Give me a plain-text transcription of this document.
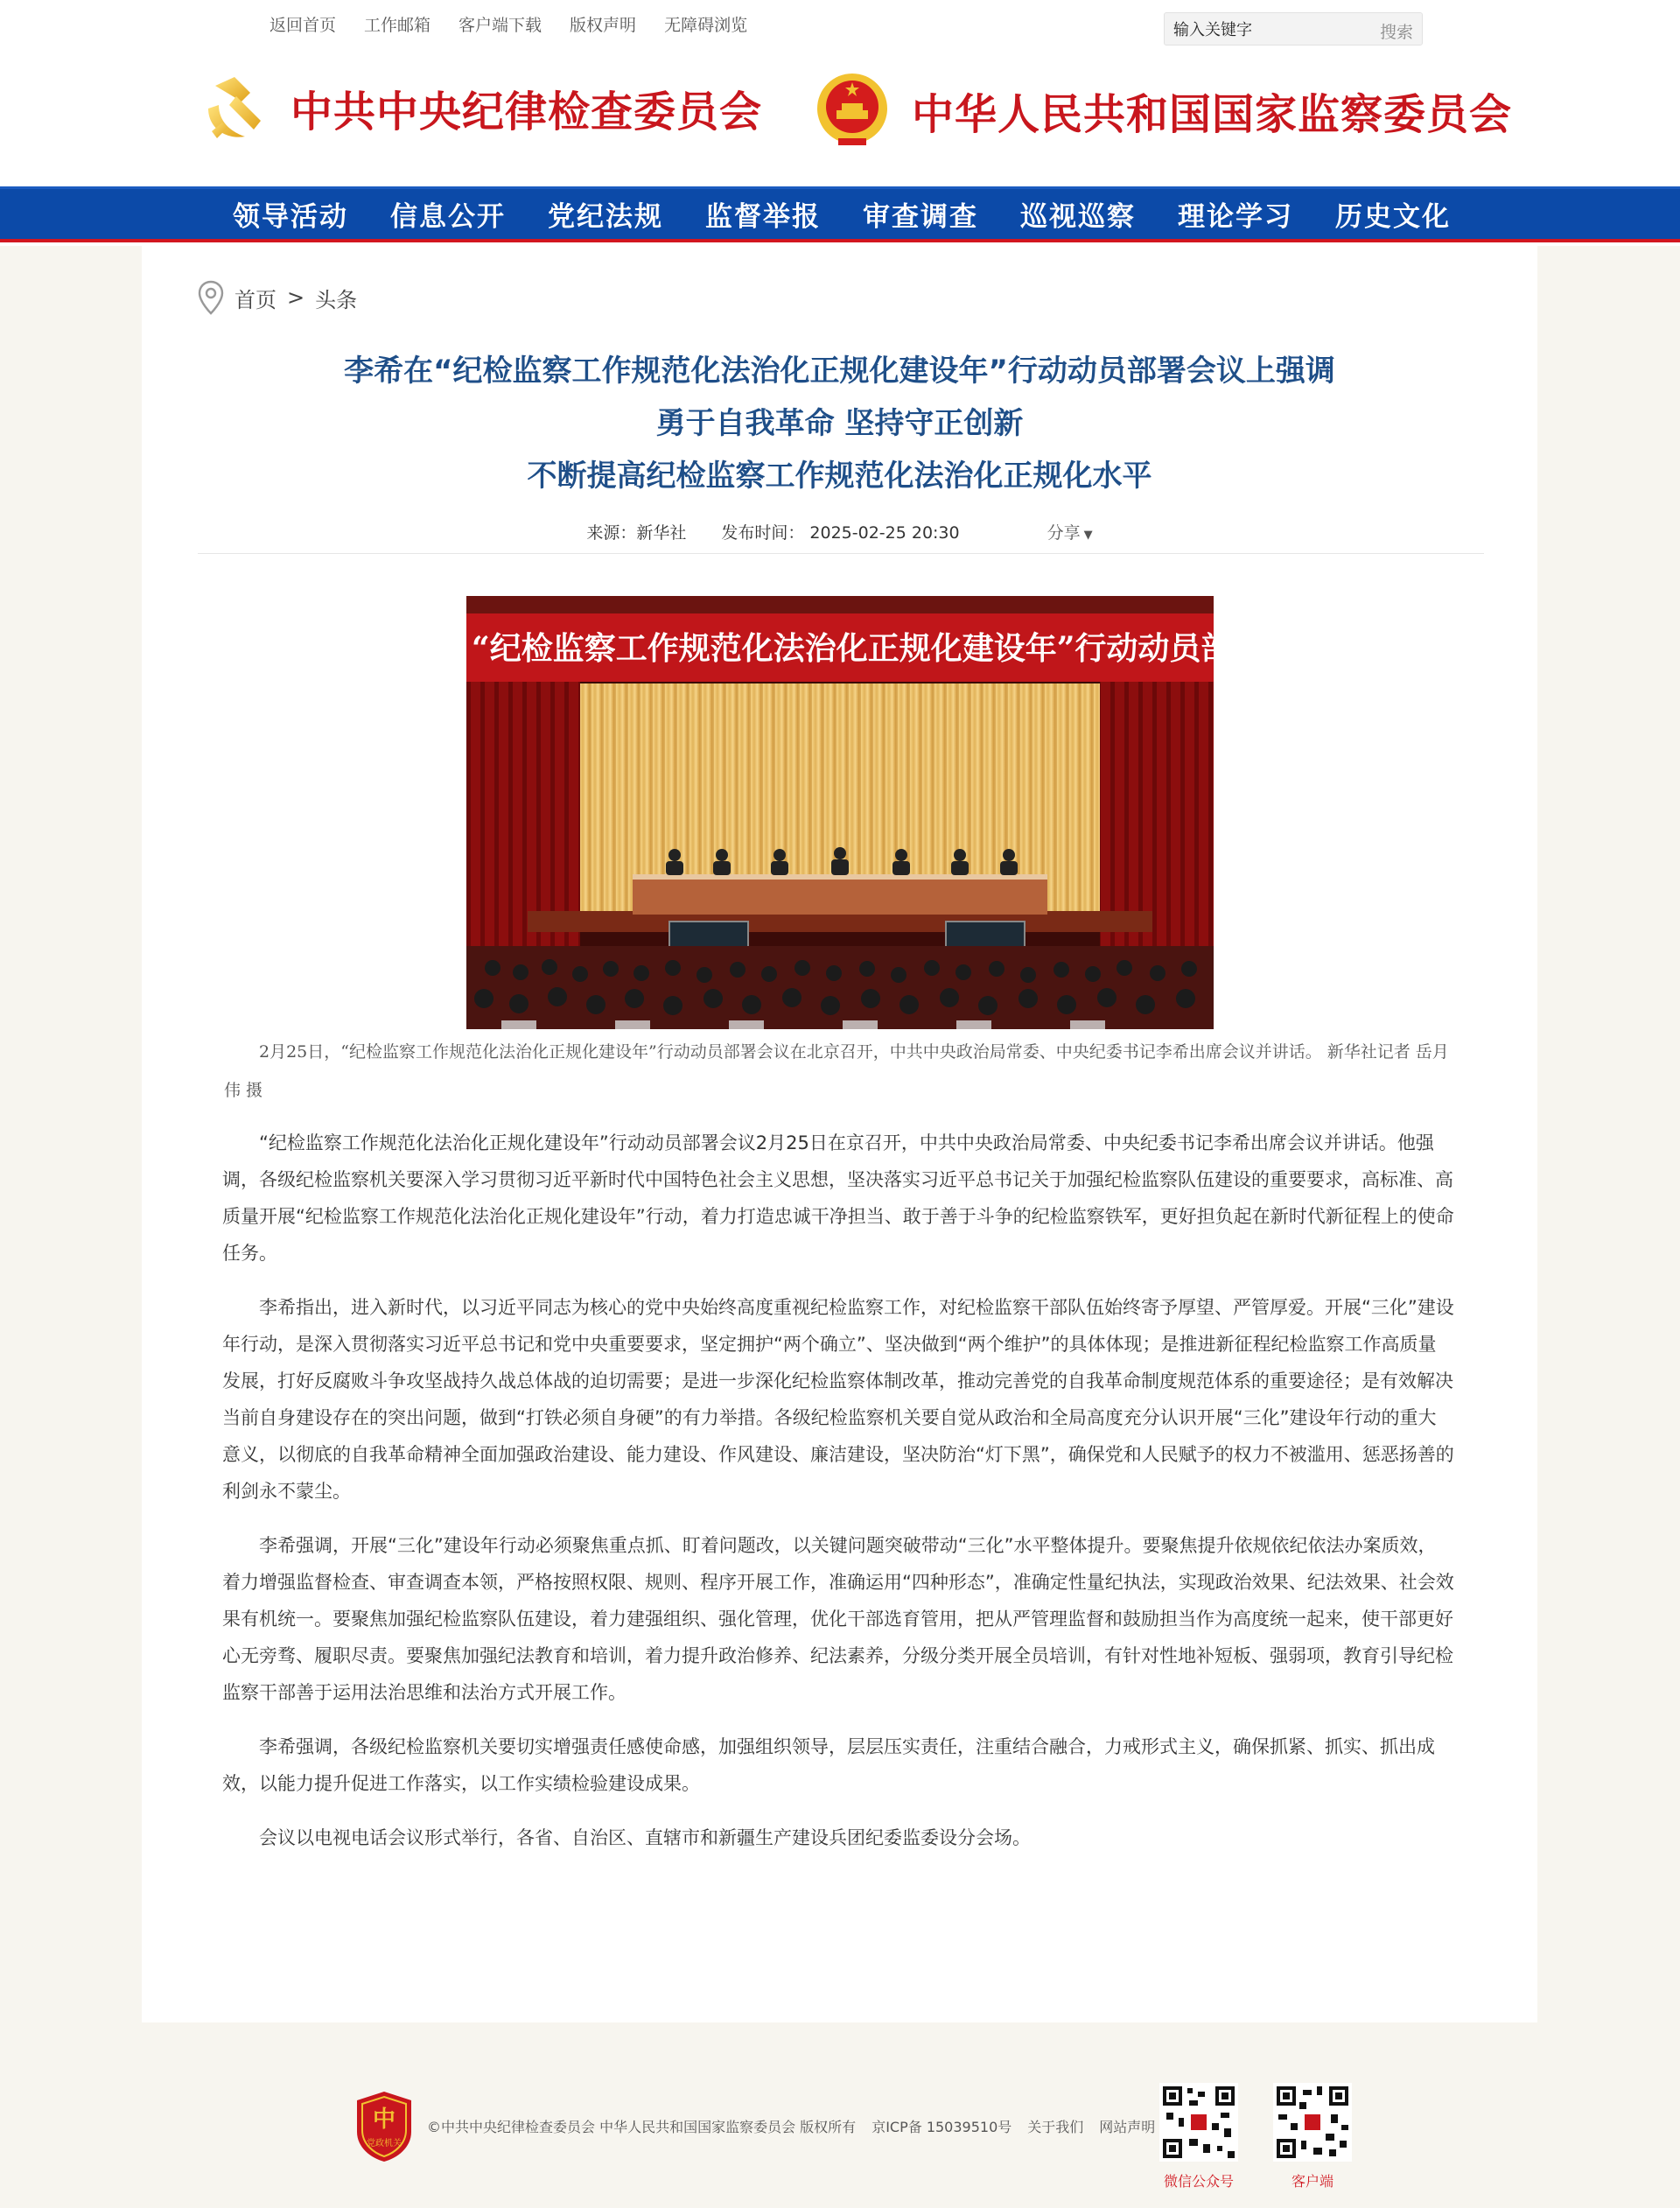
返回首页 工作邮箱 客户端下载 版权声明 无障碍浏览
输入关键字	搜索
中共中央纪律检查委员会	中华人民共和国国家监察委员会
领导活动	信息公开	党纪法规	监督举报	审查调查	巡视巡察	理论学习	历史文化
首页 > 头条
李希在“纪检监察工作规范化法治化正规化建设年”行动动员部署会议上强调
勇于自我革命 坚持守正创新
不断提高纪检监察工作规范化法治化正规化水平
来源：新华社 发布时间： 2025-02-25 20:30	分享 ▼
“纪检监察工作规范化法治化正规化建设年”行动动员部署会议
2月25日，“纪检监察工作规范化法治化正规化建设年”行动动员部署会议在北京召开，中共中央政治局常委、中央纪委书记李希出席会议并讲话。 新华社记者 岳月伟 摄

“纪检监察工作规范化法治化正规化建设年”行动动员部署会议2月25日在京召开，中共中央政治局常委、中央纪委书记李希出席会议并讲话。他强调，各级纪检监察机关要深入学习贯彻习近平新时代中国特色社会主义思想，坚决落实习近平总书记关于加强纪检监察队伍建设的重要要求，高标准、高质量开展“纪检监察工作规范化法治化正规化建设年”行动，着力打造忠诚干净担当、敢于善于斗争的纪检监察铁军，更好担负起在新时代新征程上的使命任务。

李希指出，进入新时代，以习近平同志为核心的党中央始终高度重视纪检监察工作，对纪检监察干部队伍始终寄予厚望、严管厚爱。开展“三化”建设年行动，是深入贯彻落实习近平总书记和党中央重要要求，坚定拥护“两个确立”、坚决做到“两个维护”的具体体现；是推进新征程纪检监察工作高质量发展，打好反腐败斗争攻坚战持久战总体战的迫切需要；是进一步深化纪检监察体制改革，推动完善党的自我革命制度规范体系的重要途径；是有效解决当前自身建设存在的突出问题，做到“打铁必须自身硬”的有力举措。各级纪检监察机关要自觉从政治和全局高度充分认识开展“三化”建设年行动的重大意义，以彻底的自我革命精神全面加强政治建设、能力建设、作风建设、廉洁建设，坚决防治“灯下黑”，确保党和人民赋予的权力不被滥用、惩恶扬善的利剑永不蒙尘。

李希强调，开展“三化”建设年行动必须聚焦重点抓、盯着问题改，以关键问题突破带动“三化”水平整体提升。要聚焦提升依规依纪依法办案质效，着力增强监督检查、审查调查本领，严格按照权限、规则、程序开展工作，准确运用“四种形态”，准确定性量纪执法，实现政治效果、纪法效果、社会效果有机统一。要聚焦加强纪检监察队伍建设，着力建强组织、强化管理，优化干部选育管用，把从严管理监督和鼓励担当作为高度统一起来，使干部更好心无旁骛、履职尽责。要聚焦加强纪法教育和培训，着力提升政治修养、纪法素养，分级分类开展全员培训，有针对性地补短板、强弱项，教育引导纪检监察干部善于运用法治思维和法治方式开展工作。

李希强调，各级纪检监察机关要切实增强责任感使命感，加强组织领导，层层压实责任，注重结合融合，力戒形式主义，确保抓紧、抓实、抓出成效，以能力提升促进工作落实，以工作实绩检验建设成果。

会议以电视电话会议形式举行，各省、自治区、直辖市和新疆生产建设兵团纪委监委设分会场。

中
党政机关
©中共中央纪律检查委员会 中华人民共和国国家监察委员会 版权所有 京ICP备 15039510号 关于我们 网站声明
微信公众号	客户端
